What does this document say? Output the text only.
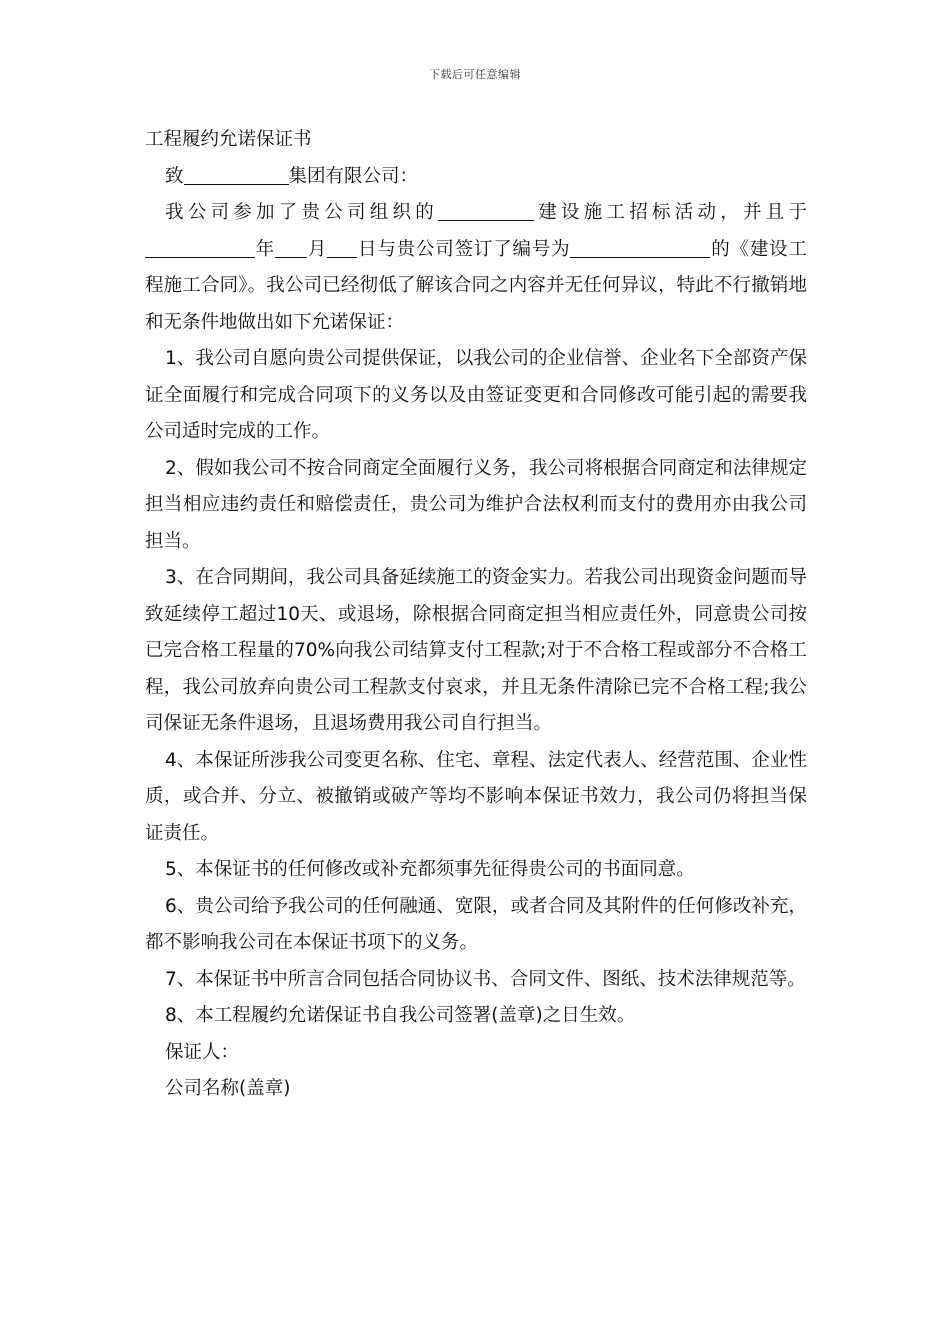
下载后可任意编辑
工程履约允诺保证书

致	集团有限公司：

我公司参加了贵公司组织的	建设施工招标活动，并且于年 月 日与贵公司签订了编号为	的《建设工程施工合同》。我公司已经彻低了解该合同之内容并无任何异议，特此不行撤销地和无条件地做出如下允诺保证：

1、我公司自愿向贵公司提供保证，以我公司的企业信誉、企业名下全部资产保证全面履行和完成合同项下的义务以及由签证变更和合同修改可能引起的需要我公司适时完成的工作。

2、假如我公司不按合同商定全面履行义务，我公司将根据合同商定和法律规定担当相应违约责任和赔偿责任，贵公司为维护合法权利而支付的费用亦由我公司担当。

3、在合同期间，我公司具备延续施工的资金实力。若我公司出现资金问题而导致延续停工超过10天、或退场，除根据合同商定担当相应责任外，同意贵公司按已完合格工程量的70%向我公司结算支付工程款;对于不合格工程或部分不合格工程，我公司放弃向贵公司工程款支付哀求，并且无条件清除已完不合格工程;我公司保证无条件退场，且退场费用我公司自行担当。

4、本保证所涉我公司变更名称、住宅、章程、法定代表人、经营范围、企业性质，或合并、分立、被撤销或破产等均不影响本保证书效力，我公司仍将担当保证责任。

5、本保证书的任何修改或补充都须事先征得贵公司的书面同意。

6、贵公司给予我公司的任何融通、宽限，或者合同及其附件的任何修改补充，都不影响我公司在本保证书项下的义务。

7、本保证书中所言合同包括合同协议书、合同文件、图纸、技术法律规范等。

8、本工程履约允诺保证书自我公司签署(盖章)之日生效。

保证人：

公司名称(盖章)
